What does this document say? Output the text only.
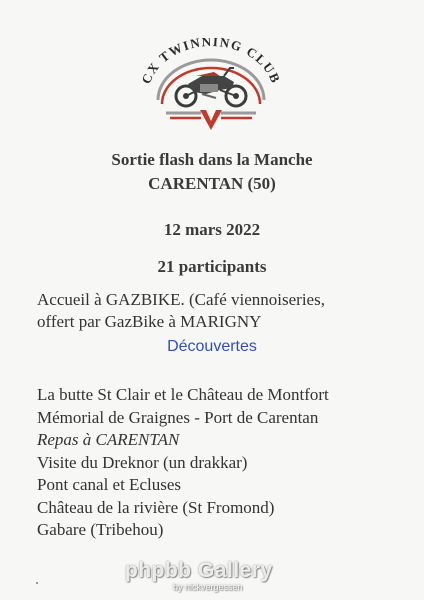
CX TWINNING CLUB
Sortie flash dans la Manche
CARENTAN (50)
12 mars 2022
21 participants
Accueil à GAZBIKE. (Café viennoiseries,
offert par GazBike à MARIGNY
Découvertes
La butte St Clair et le Château de Montfort
Mémorial de Graignes - Port de Carentan
Repas à CARENTAN
Visite du Dreknor (un drakkar)
Pont canal et Ecluses
Château de la rivière (St Fromond)
Gabare (Tribehou)
phpbb Gallery
by nickvergessen
